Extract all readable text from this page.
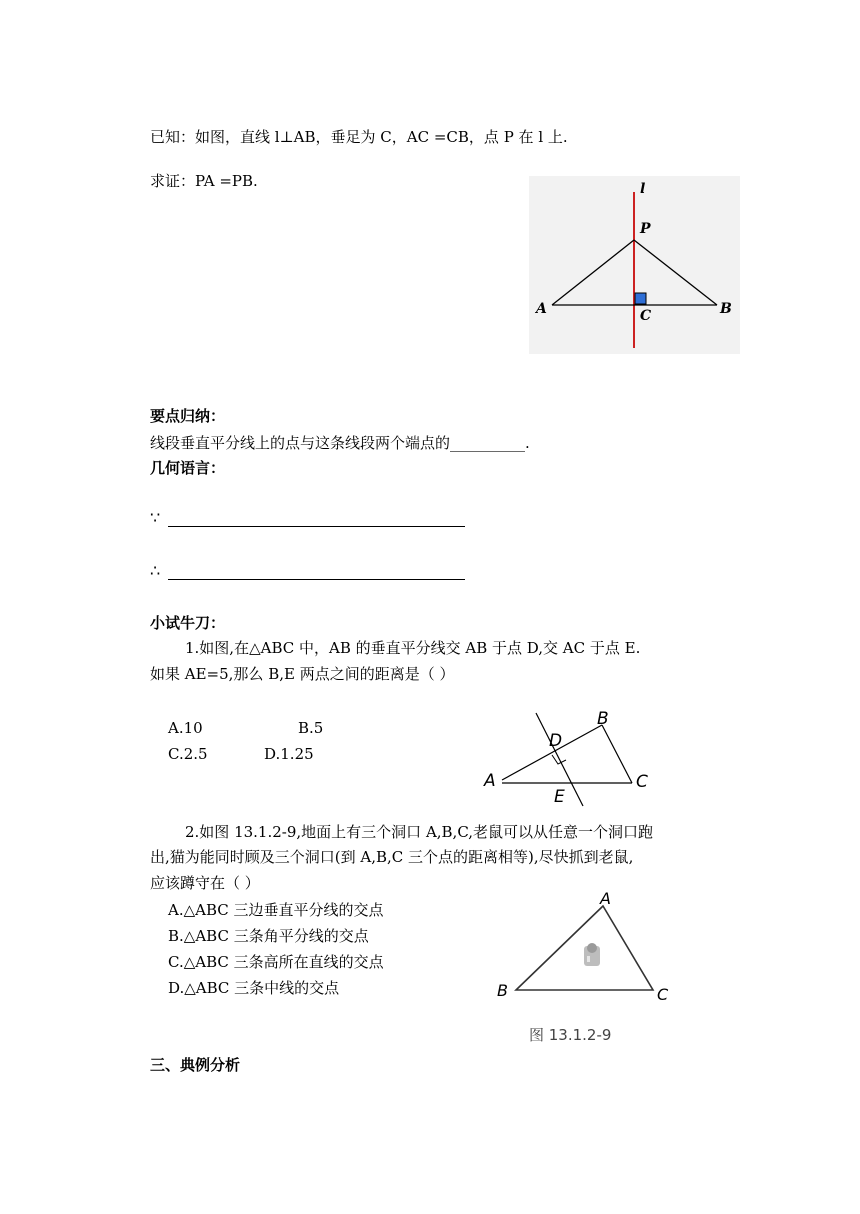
已知：如图，直线 l⊥AB，垂足为 C，AC =CB，点 P 在 l 上.
求证：PA =PB.	l
P
A	C	B
要点归纳：
线段垂直平分线上的点与这条线段两个端点的__________.
几何语言：
∵
∴
小试牛刀：
1.如图,在△ABC 中，AB 的垂直平分线交 AB 于点 D,交 AC 于点 E.
如果 AE=5,那么 B,E 两点之间的距离是（ ）
A.10	B.5
C.2.5	D.1.25
A
B
C
D
E
2.如图 13.1.2-9,地面上有三个洞口 A,B,C,老鼠可以从任意一个洞口跑
出,猫为能同时顾及三个洞口(到 A,B,C 三个点的距离相等),尽快抓到老鼠,
应该蹲守在（ ）
A.△ABC 三边垂直平分线的交点
B.△ABC 三条角平分线的交点
C.△ABC 三条高所在直线的交点
D.△ABC 三条中线的交点
A
B	C
图 13.1.2-9
三、典例分析
